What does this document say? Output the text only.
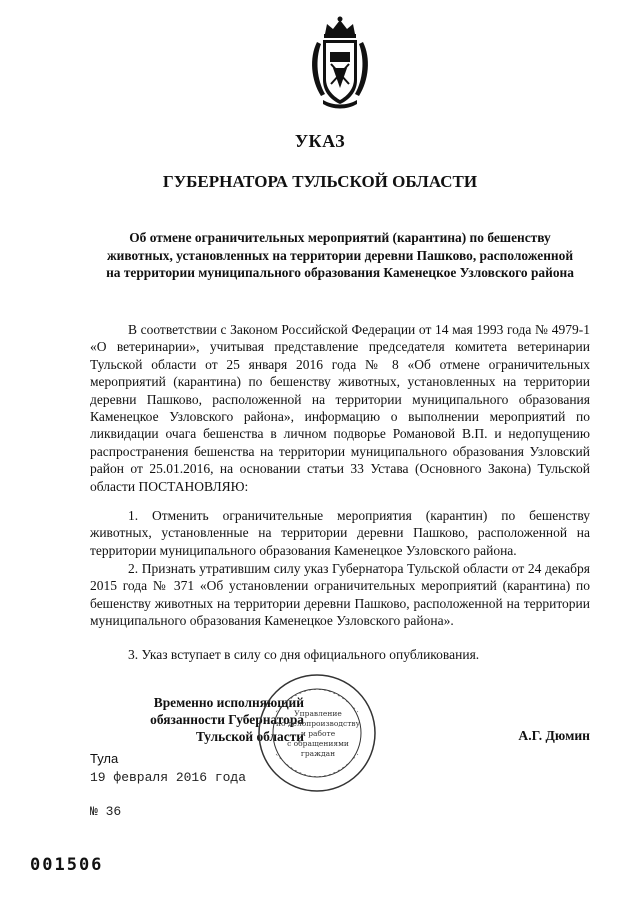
УКАЗ
ГУБЕРНАТОРА ТУЛЬСКОЙ ОБЛАСТИ
Об отмене ограничительных мероприятий (карантина) по бешенству животных, установленных на территории деревни Пашково, расположенной на территории муниципального образования Каменецкое Узловского района
В соответствии с Законом Российской Федерации от 14 мая 1993 года № 4979-1 «О ветеринарии», учитывая представление председателя комитета ветеринарии Тульской области от 25 января 2016 года № 8 «Об отмене ограничительных мероприятий (карантина) по бешенству животных, установленных на территории деревни Пашково, расположенной на территории муниципального образования Каменецкое Узловского района», информацию о выполнении мероприятий по ликвидации очага бешенства в личном подворье Романовой В.П. и недопущению распространения бешенства на территории муниципального образования Узловский район от 25.01.2016, на основании статьи 33 Устава (Основного Закона) Тульской области ПОСТАНОВЛЯЮ:
1. Отменить ограничительные мероприятия (карантин) по бешенству животных, установленные на территории деревни Пашково, расположенной на территории муниципального образования Каменецкое Узловского района.
2. Признать утратившим силу указ Губернатора Тульской области от 24 декабря 2015 года № 371 «Об установлении ограничительных мероприятий (карантина) по бешенству животных на территории деревни Пашково, расположенной на территории муниципального образования Каменецкое Узловского района».
3. Указ вступает в силу со дня официального опубликования.
Временно исполняющий
обязанности Губернатора
Тульской области
Управление
по делопроизводству
и работе
с обращениями
граждан
А.Г. Дюмин
Тула
19 февраля 2016 года
№ 36
001506
